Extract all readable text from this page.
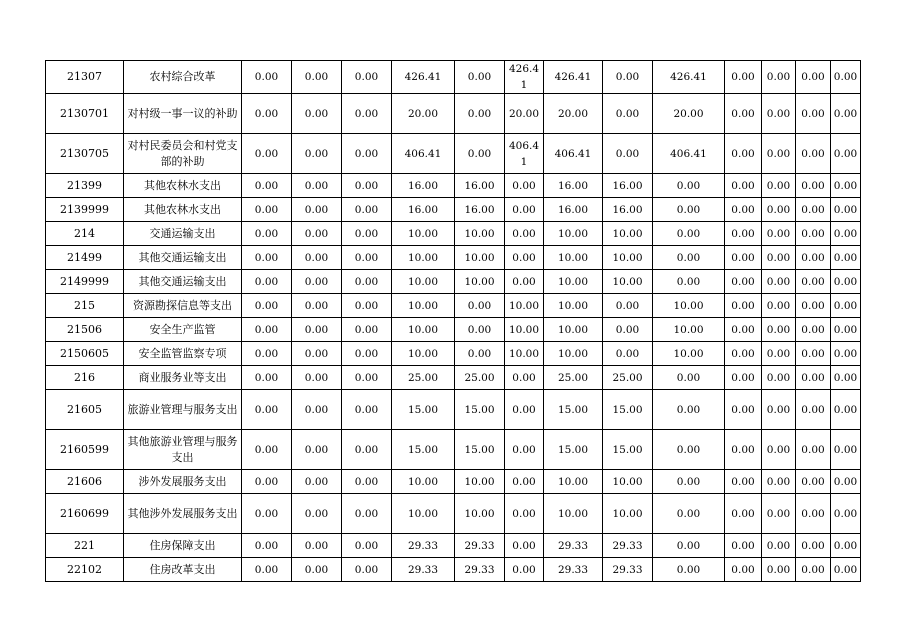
21307	农村综合改革	0.00	0.00	0.00	426.41	0.00	426.41	426.41	0.00	426.41	0.00	0.00	0.00	0.00
2130701	对村级一事一议的补助	0.00	0.00	0.00	20.00	0.00	20.00	20.00	0.00	20.00	0.00	0.00	0.00	0.00
2130705	对村民委员会和村党支部的补助	0.00	0.00	0.00	406.41	0.00	406.41	406.41	0.00	406.41	0.00	0.00	0.00	0.00
21399	其他农林水支出	0.00	0.00	0.00	16.00	16.00	0.00	16.00	16.00	0.00	0.00	0.00	0.00	0.00
2139999	其他农林水支出	0.00	0.00	0.00	16.00	16.00	0.00	16.00	16.00	0.00	0.00	0.00	0.00	0.00
214	交通运输支出	0.00	0.00	0.00	10.00	10.00	0.00	10.00	10.00	0.00	0.00	0.00	0.00	0.00
21499	其他交通运输支出	0.00	0.00	0.00	10.00	10.00	0.00	10.00	10.00	0.00	0.00	0.00	0.00	0.00
2149999	其他交通运输支出	0.00	0.00	0.00	10.00	10.00	0.00	10.00	10.00	0.00	0.00	0.00	0.00	0.00
215	资源勘探信息等支出	0.00	0.00	0.00	10.00	0.00	10.00	10.00	0.00	10.00	0.00	0.00	0.00	0.00
21506	安全生产监管	0.00	0.00	0.00	10.00	0.00	10.00	10.00	0.00	10.00	0.00	0.00	0.00	0.00
2150605	安全监管监察专项	0.00	0.00	0.00	10.00	0.00	10.00	10.00	0.00	10.00	0.00	0.00	0.00	0.00
216	商业服务业等支出	0.00	0.00	0.00	25.00	25.00	0.00	25.00	25.00	0.00	0.00	0.00	0.00	0.00
21605	旅游业管理与服务支出	0.00	0.00	0.00	15.00	15.00	0.00	15.00	15.00	0.00	0.00	0.00	0.00	0.00
2160599	其他旅游业管理与服务支出	0.00	0.00	0.00	15.00	15.00	0.00	15.00	15.00	0.00	0.00	0.00	0.00	0.00
21606	涉外发展服务支出	0.00	0.00	0.00	10.00	10.00	0.00	10.00	10.00	0.00	0.00	0.00	0.00	0.00
2160699	其他涉外发展服务支出	0.00	0.00	0.00	10.00	10.00	0.00	10.00	10.00	0.00	0.00	0.00	0.00	0.00
221	住房保障支出	0.00	0.00	0.00	29.33	29.33	0.00	29.33	29.33	0.00	0.00	0.00	0.00	0.00
22102	住房改革支出	0.00	0.00	0.00	29.33	29.33	0.00	29.33	29.33	0.00	0.00	0.00	0.00	0.00
